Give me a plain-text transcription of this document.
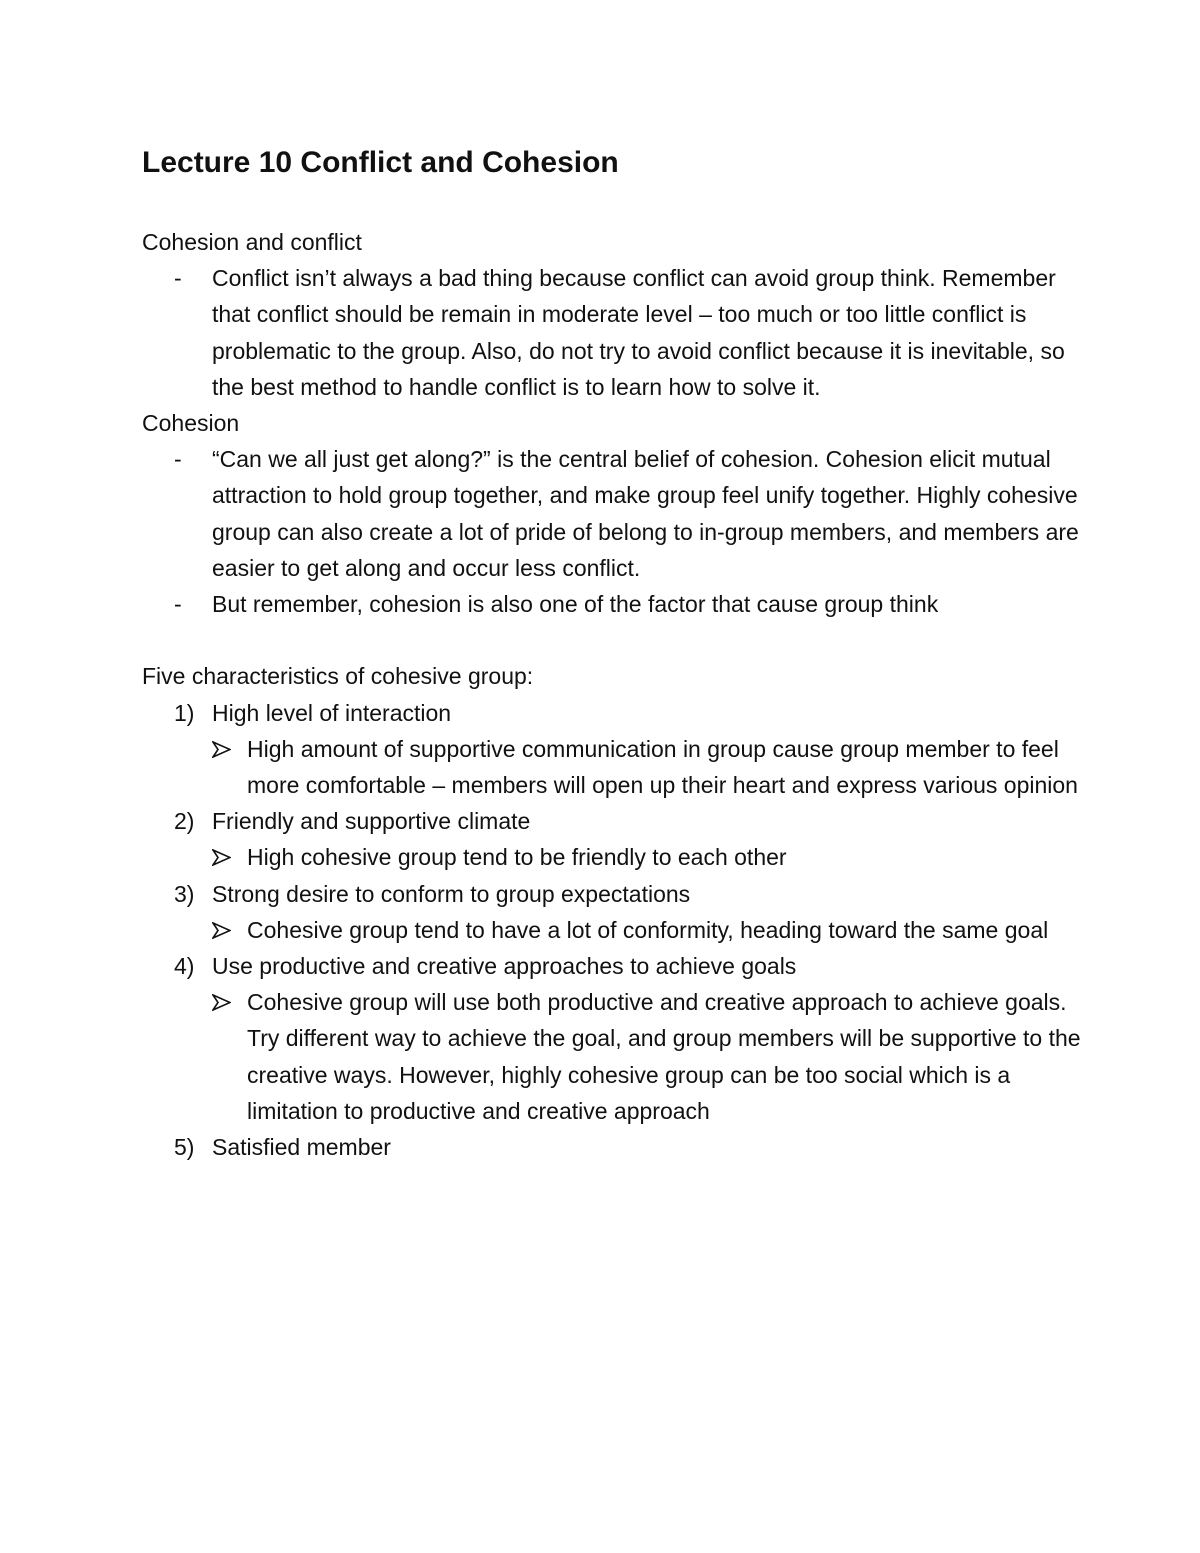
Lecture 10 Conflict and Cohesion

Cohesion and conflict

- Conflict isn’t always a bad thing because conflict can avoid group think. Remember that conflict should be remain in moderate level – too much or too little conflict is problematic to the group. Also, do not try to avoid conflict because it is inevitable, so the best method to handle conflict is to learn how to solve it.

Cohesion

- “Can we all just get along?” is the central belief of cohesion. Cohesion elicit mutual attraction to hold group together, and make group feel unify together. Highly cohesive group can also create a lot of pride of belong to in-group members, and members are easier to get along and occur less conflict.
- But remember, cohesion is also one of the factor that cause group think

Five characteristics of cohesive group:

1) High level of interaction
High amount of supportive communication in group cause group member to feel more comfortable – members will open up their heart and express various opinion
2) Friendly and supportive climate
High cohesive group tend to be friendly to each other
3) Strong desire to conform to group expectations
Cohesive group tend to have a lot of conformity, heading toward the same goal
4) Use productive and creative approaches to achieve goals
Cohesive group will use both productive and creative approach to achieve goals. Try different way to achieve the goal, and group members will be supportive to the creative ways. However, highly cohesive group can be too social which is a limitation to productive and creative approach
5) Satisfied member
